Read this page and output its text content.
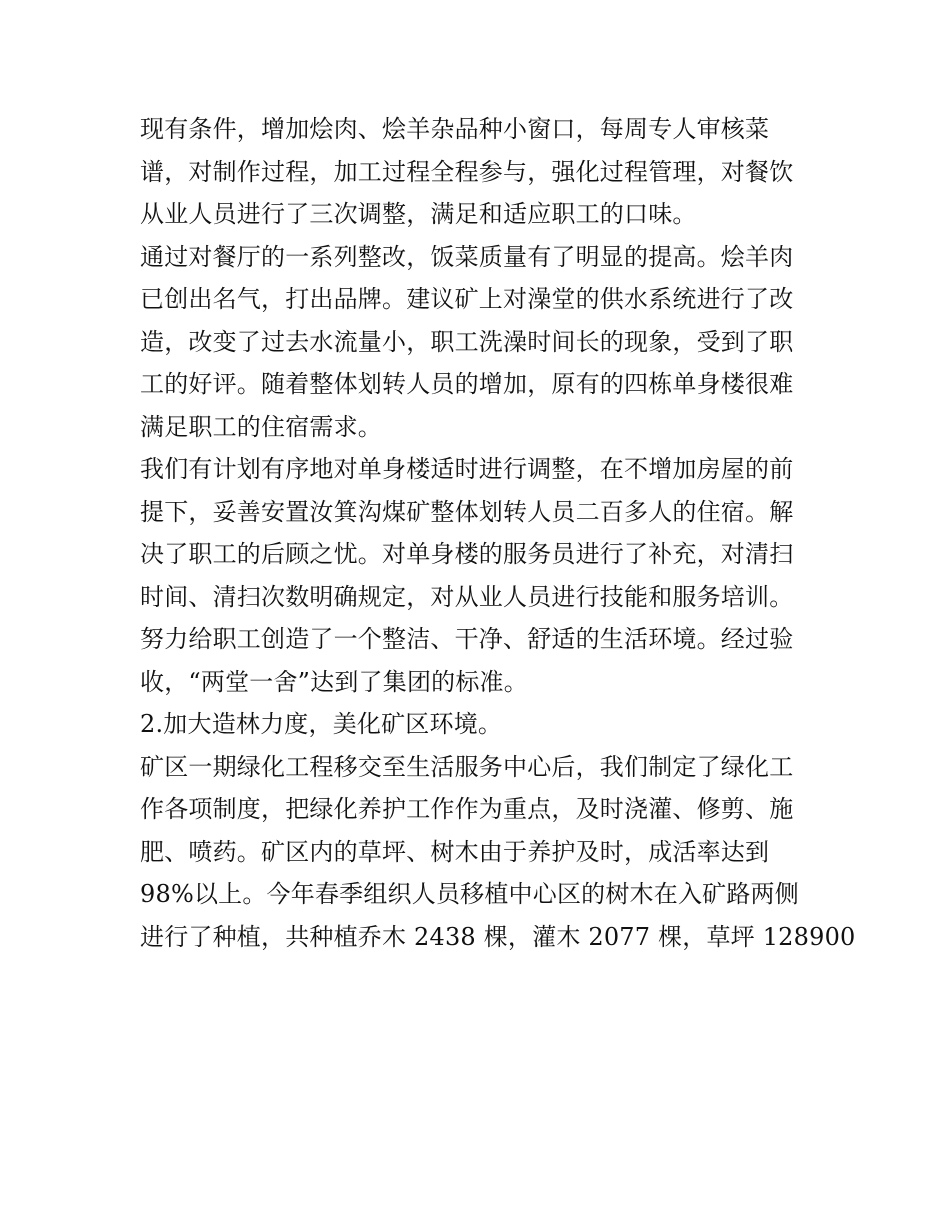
现有条件，增加烩肉、烩羊杂品种小窗口，每周专人审核菜
谱，对制作过程，加工过程全程参与，强化过程管理，对餐饮
从业人员进行了三次调整，满足和适应职工的口味。
通过对餐厅的一系列整改，饭菜质量有了明显的提高。烩羊肉
已创出名气，打出品牌。建议矿上对澡堂的供水系统进行了改
造，改变了过去水流量小，职工洗澡时间长的现象，受到了职
工的好评。随着整体划转人员的增加，原有的四栋单身楼很难
满足职工的住宿需求。
我们有计划有序地对单身楼适时进行调整，在不增加房屋的前
提下，妥善安置汝箕沟煤矿整体划转人员二百多人的住宿。解
决了职工的后顾之忧。对单身楼的服务员进行了补充，对清扫
时间、清扫次数明确规定，对从业人员进行技能和服务培训。
努力给职工创造了一个整洁、干净、舒适的生活环境。经过验
收，“两堂一舍”达到了集团的标准。
2.加大造林力度，美化矿区环境。
矿区一期绿化工程移交至生活服务中心后，我们制定了绿化工
作各项制度，把绿化养护工作作为重点，及时浇灌、修剪、施
肥、喷药。矿区内的草坪、树木由于养护及时，成活率达到
98%以上。今年春季组织人员移植中心区的树木在入矿路两侧
进行了种植，共种植乔木 2438 棵，灌木 2077 棵，草坪 128900
